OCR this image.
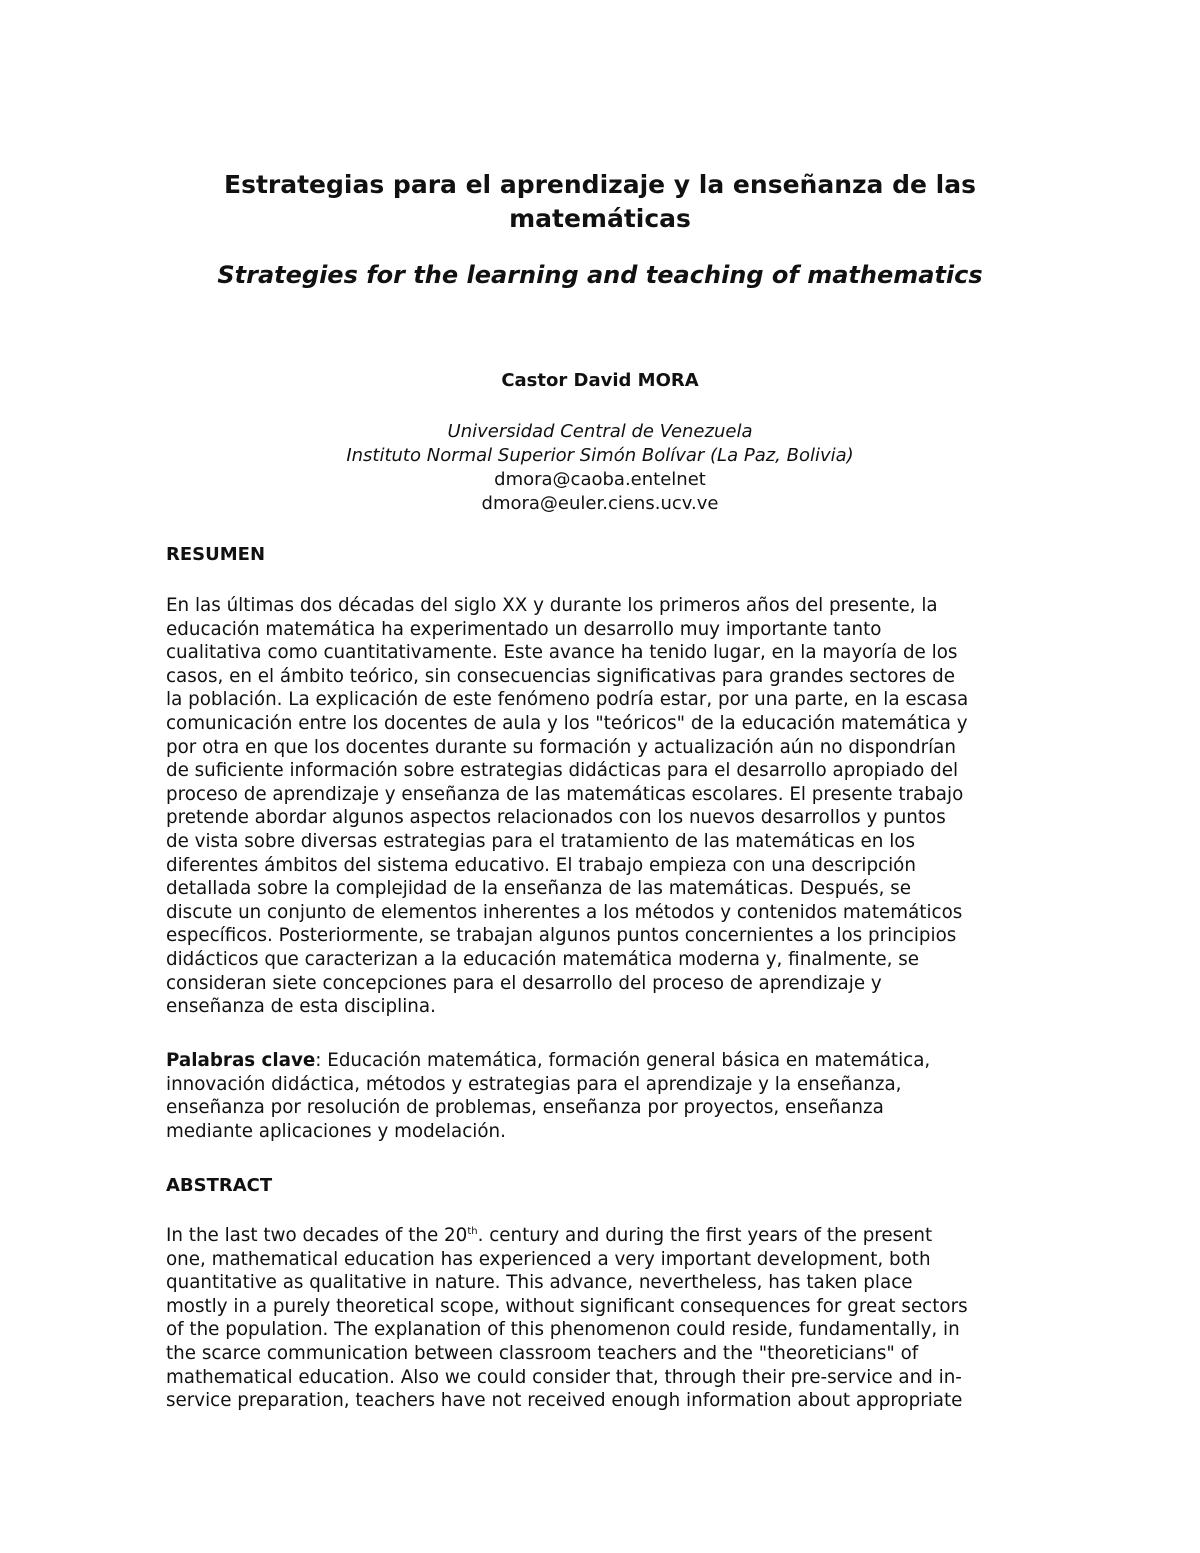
Estrategias para el aprendizaje y la enseñanza de las
matemáticas
Strategies for the learning and teaching of mathematics
Castor David MORA
Universidad Central de Venezuela
Instituto Normal Superior Simón Bolívar (La Paz, Bolivia)
dmora@caoba.entelnet
dmora@euler.ciens.ucv.ve
RESUMEN
En las últimas dos décadas del siglo XX y durante los primeros años del presente, la
educación matemática ha experimentado un desarrollo muy importante tanto
cualitativa como cuantitativamente. Este avance ha tenido lugar, en la mayoría de los
casos, en el ámbito teórico, sin consecuencias significativas para grandes sectores de
la población. La explicación de este fenómeno podría estar, por una parte, en la escasa
comunicación entre los docentes de aula y los "teóricos" de la educación matemática y
por otra en que los docentes durante su formación y actualización aún no dispondrían
de suficiente información sobre estrategias didácticas para el desarrollo apropiado del
proceso de aprendizaje y enseñanza de las matemáticas escolares. El presente trabajo
pretende abordar algunos aspectos relacionados con los nuevos desarrollos y puntos
de vista sobre diversas estrategias para el tratamiento de las matemáticas en los
diferentes ámbitos del sistema educativo. El trabajo empieza con una descripción
detallada sobre la complejidad de la enseñanza de las matemáticas. Después, se
discute un conjunto de elementos inherentes a los métodos y contenidos matemáticos
específicos. Posteriormente, se trabajan algunos puntos concernientes a los principios
didácticos que caracterizan a la educación matemática moderna y, finalmente, se
consideran siete concepciones para el desarrollo del proceso de aprendizaje y
enseñanza de esta disciplina.
Palabras clave: Educación matemática, formación general básica en matemática,
innovación didáctica, métodos y estrategias para el aprendizaje y la enseñanza,
enseñanza por resolución de problemas, enseñanza por proyectos, enseñanza
mediante aplicaciones y modelación.
ABSTRACT
In the last two decades of the 20th. century and during the first years of the present
one, mathematical education has experienced a very important development, both
quantitative as qualitative in nature. This advance, nevertheless, has taken place
mostly in a purely theoretical scope, without significant consequences for great sectors
of the population. The explanation of this phenomenon could reside, fundamentally, in
the scarce communication between classroom teachers and the "theoreticians" of
mathematical education. Also we could consider that, through their pre-service and in-
service preparation, teachers have not received enough information about appropriate
